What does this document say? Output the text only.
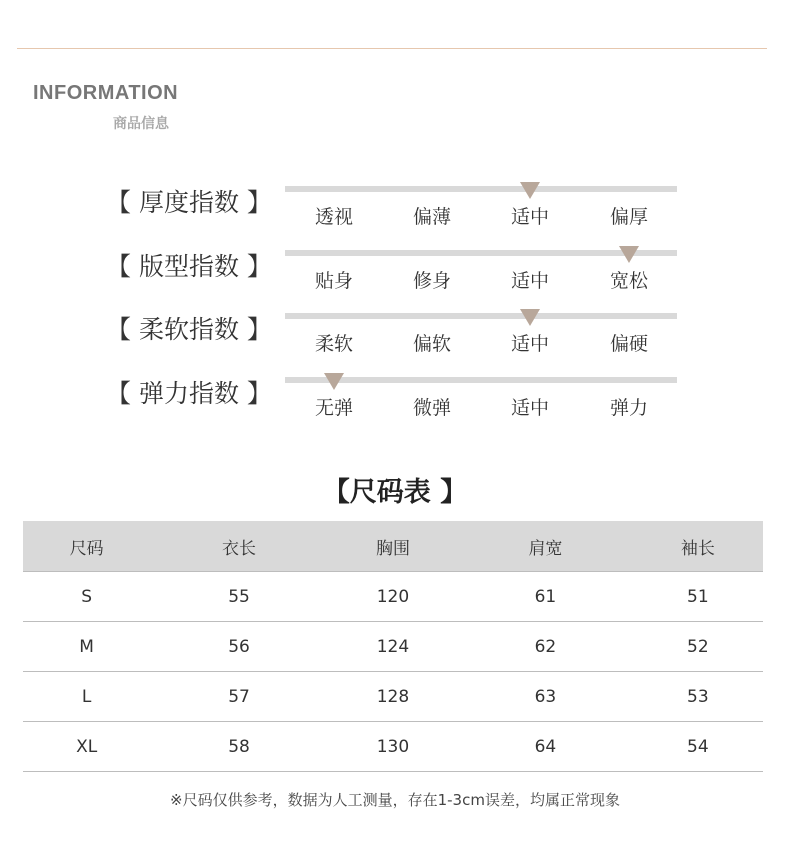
INFORMATION
商品信息
【 厚度指数 】	透视	偏薄	适中	偏厚
【 版型指数 】	贴身	修身	适中	宽松
【 柔软指数 】	柔软	偏软	适中	偏硬
【 弹力指数 】	无弹	微弹	适中	弹力
【尺码表 】
尺码	衣长	胸围	肩宽	袖长
S	55	120	61	51
M	56	124	62	52
L	57	128	63	53
XL	58	130	64	54
※尺码仅供参考，数据为人工测量，存在1-3cm误差，均属正常现象
